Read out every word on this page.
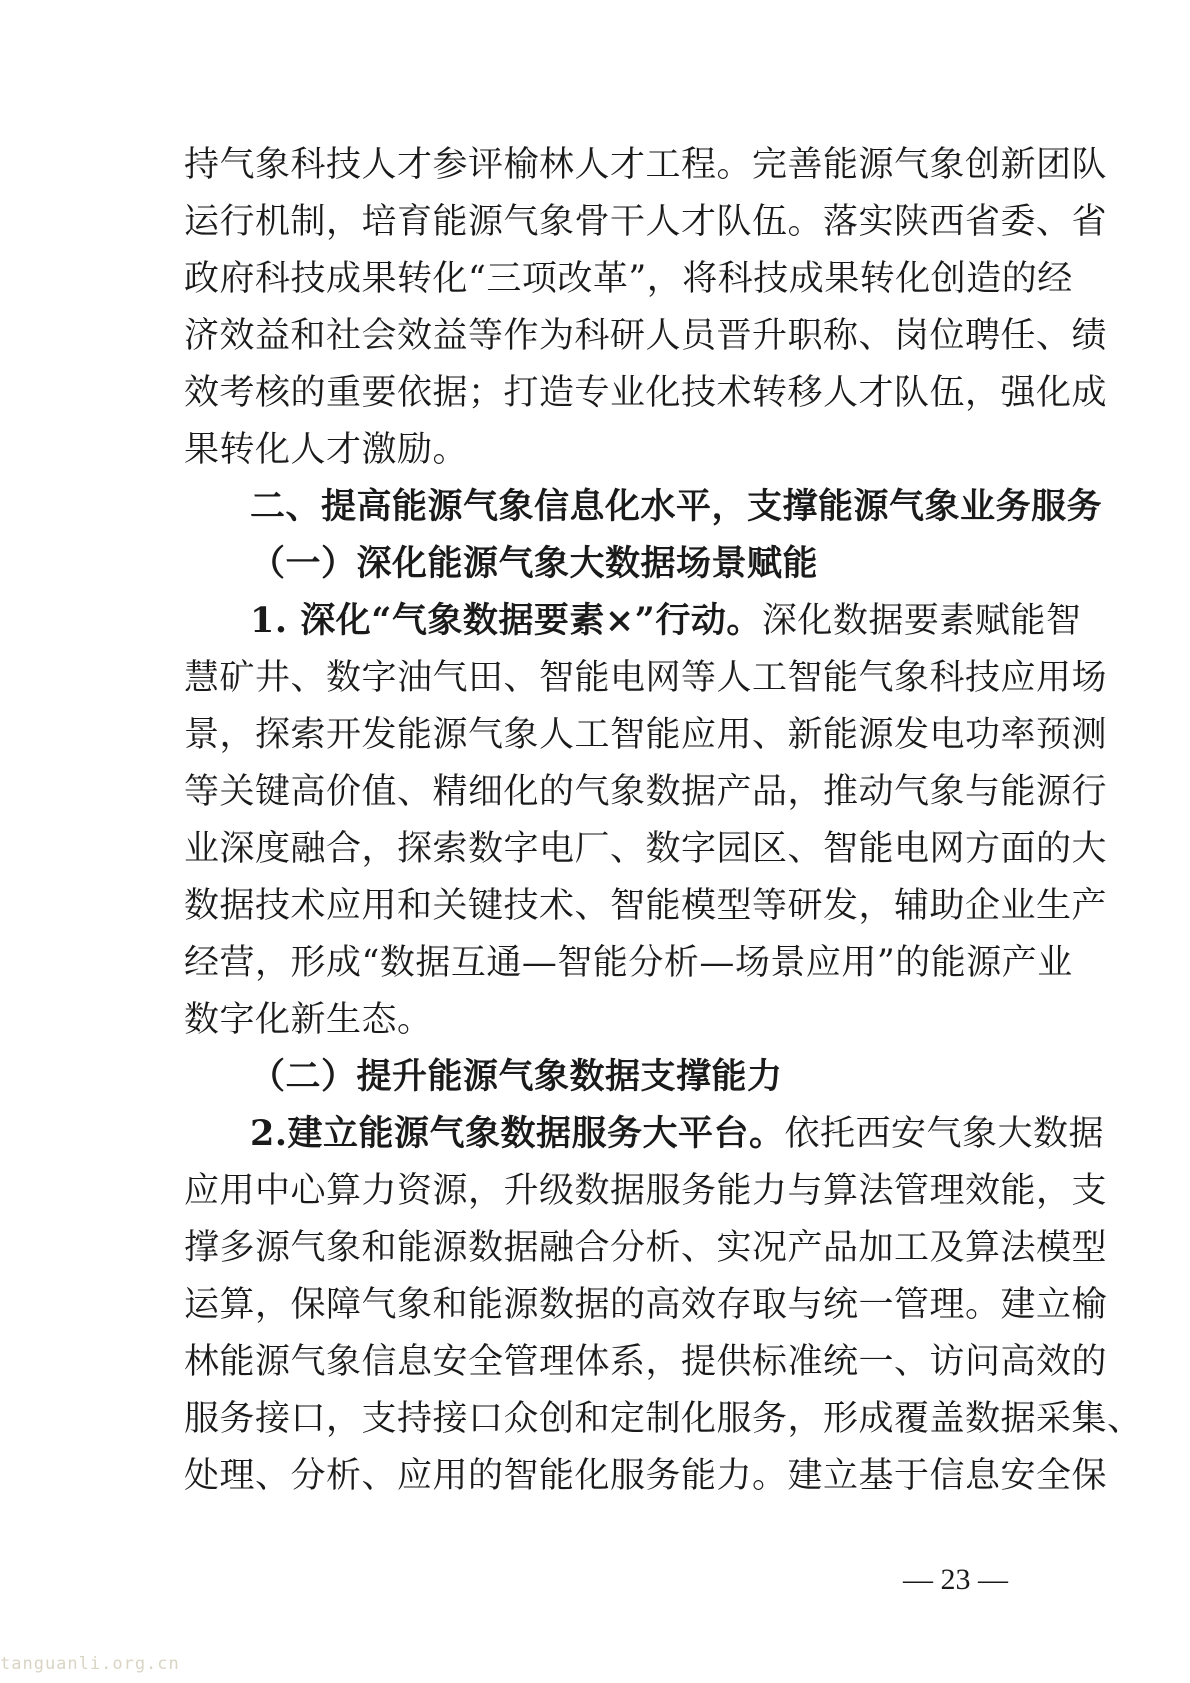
持气象科技人才参评榆林人才工程。完善能源气象创新团队
运行机制，培育能源气象骨干人才队伍。落实陕西省委、省
政府科技成果转化“三项改革”，将科技成果转化创造的经
济效益和社会效益等作为科研人员晋升职称、岗位聘任、绩
效考核的重要依据；打造专业化技术转移人才队伍，强化成
果转化人才激励。
二、提高能源气象信息化水平，支撑能源气象业务服务
（一）深化能源气象大数据场景赋能
1. 深化“气象数据要素×”行动。深化数据要素赋能智
慧矿井、数字油气田、智能电网等人工智能气象科技应用场
景，探索开发能源气象人工智能应用、新能源发电功率预测
等关键高价值、精细化的气象数据产品，推动气象与能源行
业深度融合，探索数字电厂、数字园区、智能电网方面的大
数据技术应用和关键技术、智能模型等研发，辅助企业生产
经营，形成“数据互通—智能分析—场景应用”的能源产业
数字化新生态。
（二）提升能源气象数据支撑能力
2.建立能源气象数据服务大平台。依托西安气象大数据
应用中心算力资源，升级数据服务能力与算法管理效能，支
撑多源气象和能源数据融合分析、实况产品加工及算法模型
运算，保障气象和能源数据的高效存取与统一管理。建立榆
林能源气象信息安全管理体系，提供标准统一、访问高效的
服务接口，支持接口众创和定制化服务，形成覆盖数据采集、
处理、分析、应用的智能化服务能力。建立基于信息安全保
— 23 —
tanguanli.org.cn
